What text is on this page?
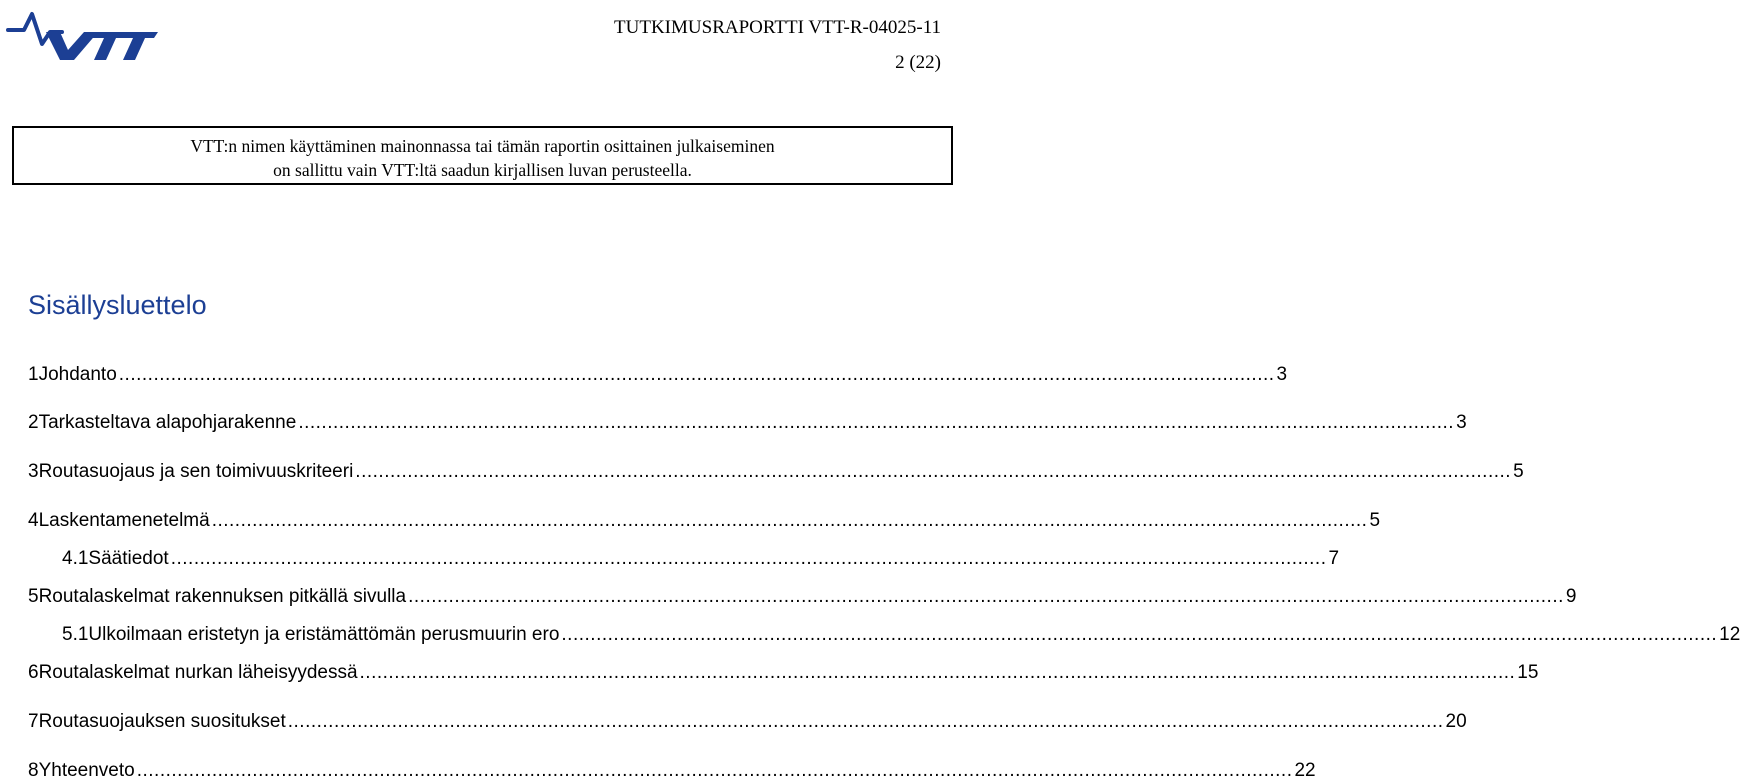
TUTKIMUSRAPORTTI VTT-R-04025-11
2 (22)
VTT:n nimen käyttäminen mainonnassa tai tämän raportin osittainen julkaiseminen
on sallittu vain VTT:ltä saadun kirjallisen luvan perusteella.
Sisällysluettelo
1 Johdanto ........................................................................................................................................................................................................ 3
2 Tarkasteltava alapohjarakenne ........................................................................................................................................................................................................ 3
3 Routasuojaus ja sen toimivuuskriteeri ........................................................................................................................................................................................................ 5
4 Laskentamenetelmä ........................................................................................................................................................................................................ 5
4.1 Säätiedot ........................................................................................................................................................................................................ 7
5 Routalaskelmat rakennuksen pitkällä sivulla ........................................................................................................................................................................................................ 9
5.1 Ulkoilmaan eristetyn ja eristämättömän perusmuurin ero ........................................................................................................................................................................................................ 12
6 Routalaskelmat nurkan läheisyydessä ........................................................................................................................................................................................................ 15
7 Routasuojauksen suositukset ........................................................................................................................................................................................................ 20
8 Yhteenveto ........................................................................................................................................................................................................ 22
